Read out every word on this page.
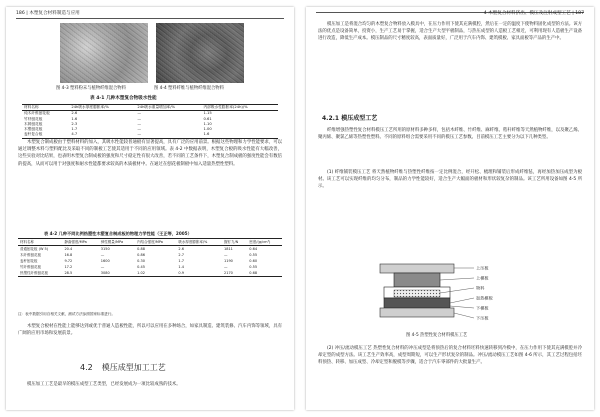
186 | 木塑复合材料制造与应用
图 4-3 塑料粉末与植物纤维混合物料	图 4-4 塑料纤维与植物纤维混合物料
表 4-1 几种木塑复合物吸水性能
材料名称	24h吸水厚度膨胀率/%	24h吸水重量增加率/%	内部吸水性膨胀率(24h)/%
纯木纤维刨花板	2.6	—	1.15
竹材刨花板	1.6	—	0.61
木屑刨花板	2.3	—	1.10
木塑刨花板	1.7	—	1.00
麦秆复合板	4.7	—	1.6
木塑复合制成板由于塑料材料的加入，其吸水性能较普通板有显著提高，具有广泛的应用前景。根据这些物理和力学性能要求，可以通过调整木料与塑料配比及采取不同的制板工艺使其适用于不同的应用领域。表 4-2 中数据表明，木塑复合板的吸水性能有大幅改善，这些实验对比结果，也表明木塑复合制成板的强度和尺寸稳定性有很大改善，若不同的工艺条件下，木塑复合制成板的强度性能会有数倍的提高，从而可以用于对强度和耐水性能都要求较高的木质板材中。在通过在刨花板制板中加入适量热塑性塑料。
表 4-2 几种不同比例热塑性木塑复合制成板的物理力学性能（王正等，2005）
材料名称	静曲强度/MPa	弹性模量/MPa	内结合强度/MPa	吸水厚度膨胀率/%	握钉力/N	密度/(g/cm³)
普通刨花板 (W 5)	20.4	3150	0.88	2.6	1811	0.64
木纤维刨花板	16.8	—	0.86	2.7	—	0.55
麦秆刨花板	9.72	1600	0.30	1.7	1190	0.60
竹纤维刨花板	17.2	—	0.45	1.4	—	0.55
热塑性纤维刨花板	28.5	3080	1.02	0.9	2170	0.68
注：表中数据引用自相关文献，测试方法参照国家标准进行。
木塑复合板材在性能上能够达到或优于普通人造板性能，所以可以应用在多种场合，如家具制造、建筑装修、汽车内饰等领域，具有广阔的应用市场和发展前景。
4.2 模压成型加工工艺
模压加工工艺是最早的模压成型工艺类型，已经发展成为一项比较成熟的技术。
4 木塑复合材料挤出、模压及注射成型工艺 | 187
模压加工是将混合均匀的木塑复合物料放入模具中，在压力作用下使其充满模腔，然后在一定的温度下使物料固化成型的方法。该方法的优点是设备简单，投资小，生产工艺易于掌握，适合生产大型平板制品，与热压成型的人造板工艺相近，可利用现有人造板生产设备进行改造，降低生产成本。模压制品的尺寸精度较高，表面质量好，广泛用于汽车内饰、建筑模板、家具面板等产品的生产中。
4.2.1 模压成型工艺
纤维增强热塑性复合材料模压工艺所用的原材料多种多样，包括木纤维、竹纤维、麻纤维、秸秆纤维等天然植物纤维，以及聚乙烯、聚丙烯、聚氯乙烯等热塑性塑料。不同的原料组合需要采用不同的模压工艺参数。目前模压工艺主要分为以下几种类型。
(1) 纤维铺装模压工艺 将天然植物纤维与热塑性纤维按一定比例混合，经开松、梳理和铺装后形成纤维毡，再经加热加压成型为板材。该工艺可以实现纤维的均匀分布，制品的力学性能较好，适合生产大幅面的板材和形状较复杂的制品。该工艺所用设备如图 4-5 所示。
上压板
上模板
物料
加热模板
下模板
下压板
图 4-5 热塑性复合材料模压工艺
(2) 冲压/流动模压工艺 热塑性复合材料的冲压成型是将预热后的复合材料坯料快速转移到冷模中，在压力作用下使其充满模腔并冷却定型的成型方法。该工艺生产效率高，成型周期短，可以生产形状复杂的制品。冲压/流动模压工艺如图 4-6 所示，其工艺过程包括坯料预热、转移、加压成型、冷却定型和脱模等步骤，适合于汽车零部件的大批量生产。
